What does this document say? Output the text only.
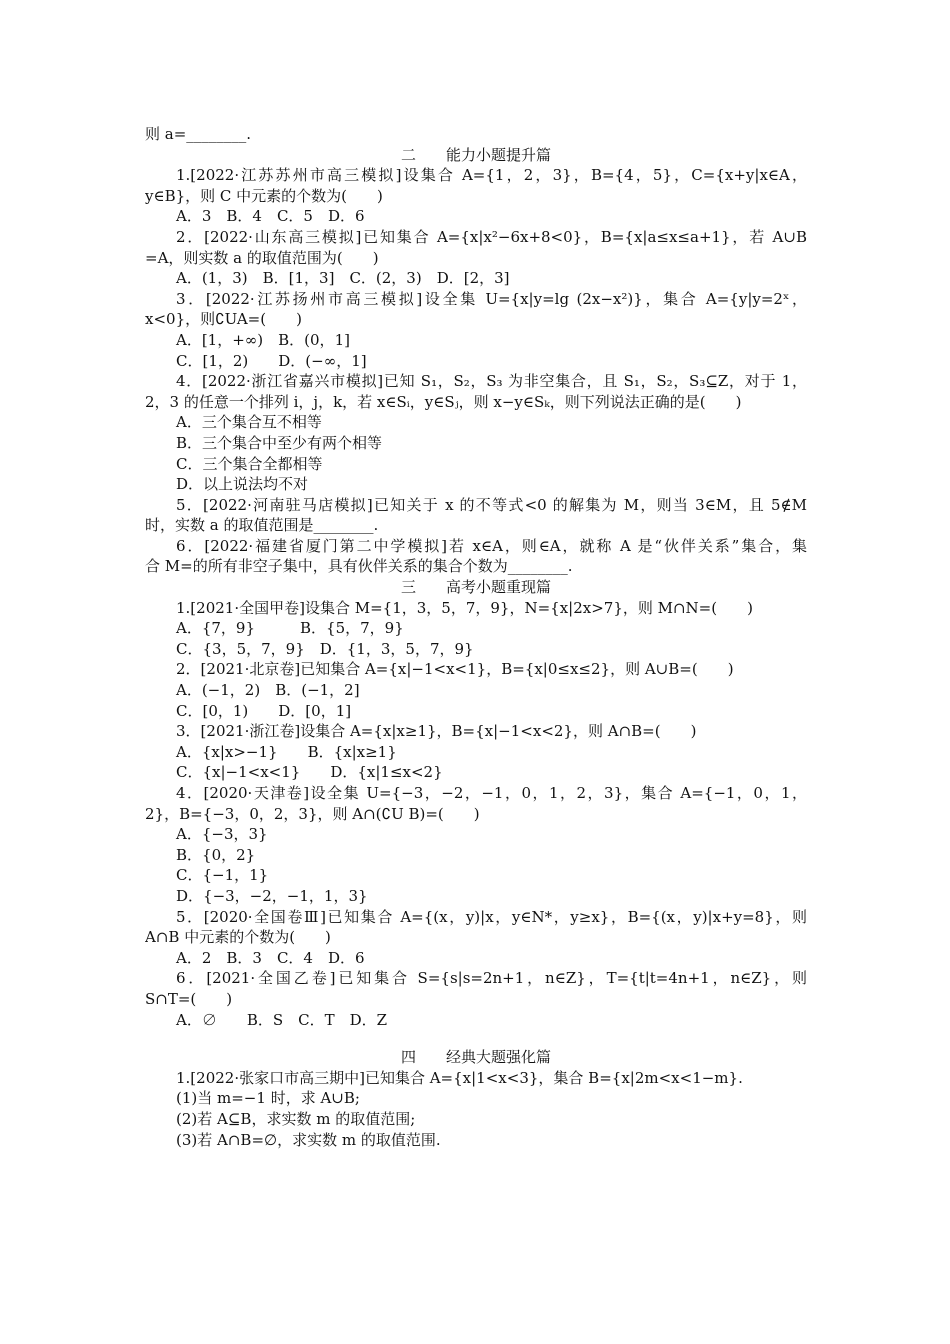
则 a=________.
二　　能力小题提升篇
1.[2022·江苏苏州市高三模拟]设集合 A={1，2，3}，B={4，5}，C={x+y|x∈A，
y∈B}，则 C 中元素的个数为(　　)
A．3　B．4　C．5　D．6
2．[2022·山东高三模拟]已知集合 A={x|x²−6x+8<0}，B={x|a≤x≤a+1}，若 A∪B
=A，则实数 a 的取值范围为(　　)
A．(1，3)　B．[1，3]　C．(2，3)　D．[2，3]
3．[2022·江苏扬州市高三模拟]设全集 U={x|y=lg (2x−x²)}，集合 A={y|y=2ˣ，
x<0}，则∁UA=(　　)
A．[1，+∞)　B．(0，1]
C．[1，2)　　D．(−∞，1]
4．[2022·浙江省嘉兴市模拟]已知 S₁，S₂，S₃ 为非空集合，且 S₁，S₂，S₃⊆Z，对于 1，
2，3 的任意一个排列 i，j，k，若 x∈Sᵢ，y∈Sⱼ，则 x−y∈Sₖ，则下列说法正确的是(　　)
A．三个集合互不相等
B．三个集合中至少有两个相等
C．三个集合全都相等
D．以上说法均不对
5．[2022·河南驻马店模拟]已知关于 x 的不等式<0 的解集为 M，则当 3∈M，且 5∉M
时，实数 a 的取值范围是________.
6．[2022·福建省厦门第二中学模拟]若 x∈A，则∈A，就称 A 是“伙伴关系”集合，集
合 M=的所有非空子集中，具有伙伴关系的集合个数为________.
三　　高考小题重现篇
1.[2021·全国甲卷]设集合 M={1，3，5，7，9}，N={x|2x>7}，则 M∩N=(　　)
A．{7，9}　　　B．{5，7，9}
C．{3，5，7，9}　D．{1，3，5，7，9}
2．[2021·北京卷]已知集合 A={x|−1<x<1}，B={x|0≤x≤2}，则 A∪B=(　　)
A．(−1，2)　B．(−1，2]
C．[0，1)　　D．[0，1]
3．[2021·浙江卷]设集合 A={x|x≥1}，B={x|−1<x<2}，则 A∩B=(　　)
A．{x|x>−1}　　B．{x|x≥1}
C．{x|−1<x<1}　　D．{x|1≤x<2}
4．[2020·天津卷]设全集 U={−3，−2，−1，0，1，2，3}，集合 A={−1，0，1，
2}，B={−3，0，2，3}，则 A∩(∁U B)=(　　)
A．{−3，3}
B．{0，2}
C．{−1，1}
D．{−3，−2，−1，1，3}
5．[2020·全国卷Ⅲ]已知集合 A={(x，y)|x，y∈N*，y≥x}，B={(x，y)|x+y=8}，则
A∩B 中元素的个数为(　　)
A．2　B．3　C．4　D．6
6．[2021·全国乙卷]已知集合 S={s|s=2n+1，n∈Z}，T={t|t=4n+1，n∈Z}，则
S∩T=(　　)
A．∅　　B．S　C．T　D．Z
四　　经典大题强化篇
1.[2022·张家口市高三期中]已知集合 A={x|1<x<3}，集合 B={x|2m<x<1−m}.
(1)当 m=−1 时，求 A∪B;
(2)若 A⊆B，求实数 m 的取值范围;
(3)若 A∩B=∅，求实数 m 的取值范围.
